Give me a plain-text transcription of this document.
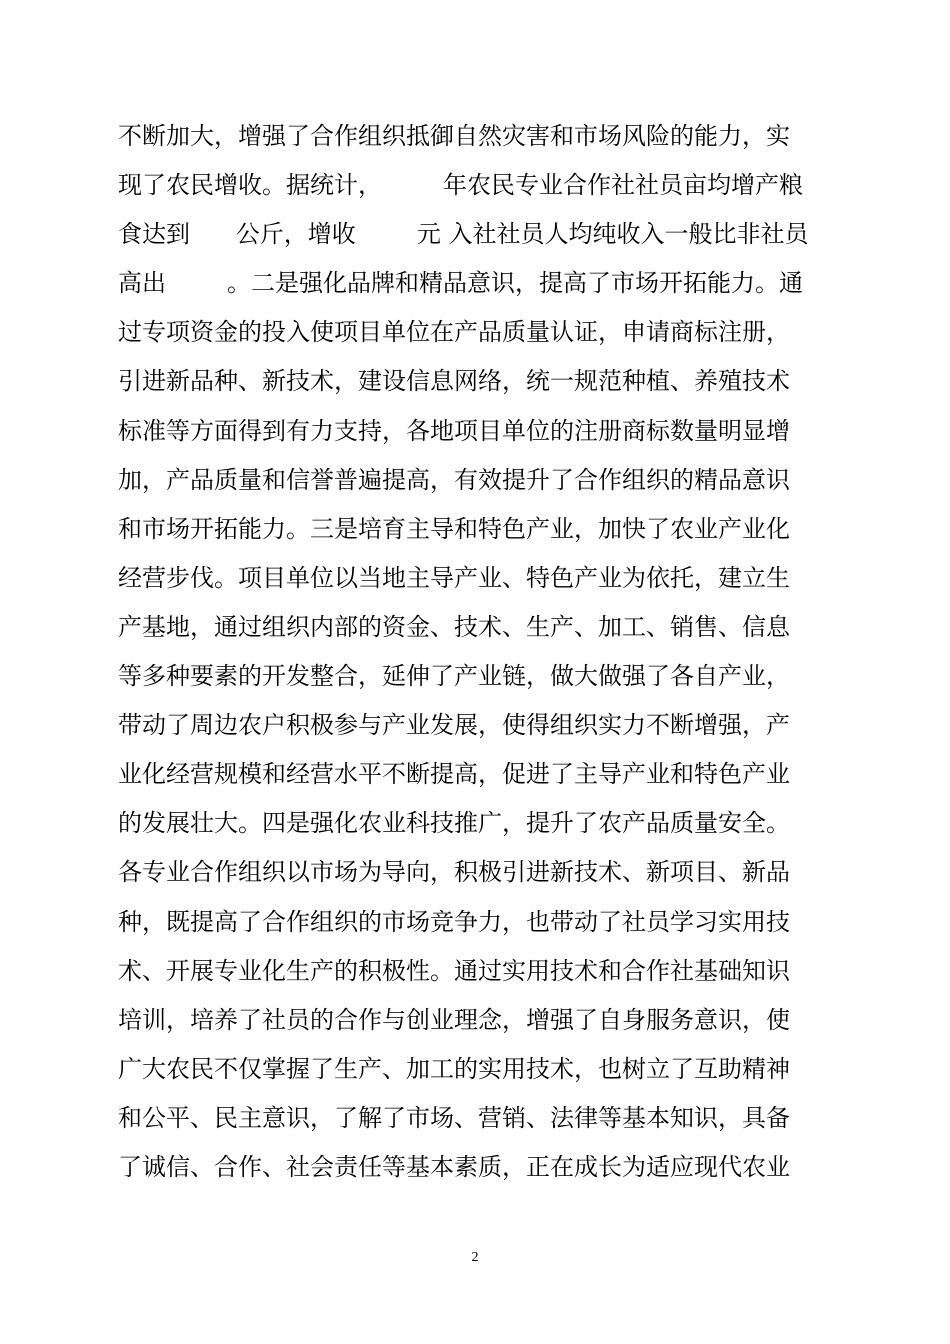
不断加大，增强了合作组织抵御自然灾害和市场风险的能力，实
现了农民增收。据统计，        年农民专业合作社社员亩均增产粮
食达到      公斤，增收        元 入社社员人均纯收入一般比非社员
高出        。二是强化品牌和精品意识，提高了市场开拓能力。通
过专项资金的投入使项目单位在产品质量认证，申请商标注册，
引进新品种、新技术，建设信息网络，统一规范种植、养殖技术
标准等方面得到有力支持，各地项目单位的注册商标数量明显增
加，产品质量和信誉普遍提高，有效提升了合作组织的精品意识
和市场开拓能力。三是培育主导和特色产业，加快了农业产业化
经营步伐。项目单位以当地主导产业、特色产业为依托，建立生
产基地，通过组织内部的资金、技术、生产、加工、销售、信息
等多种要素的开发整合，延伸了产业链，做大做强了各自产业，
带动了周边农户积极参与产业发展，使得组织实力不断增强，产
业化经营规模和经营水平不断提高，促进了主导产业和特色产业
的发展壮大。四是强化农业科技推广，提升了农产品质量安全。
各专业合作组织以市场为导向，积极引进新技术、新项目、新品
种，既提高了合作组织的市场竞争力，也带动了社员学习实用技
术、开展专业化生产的积极性。通过实用技术和合作社基础知识
培训，培养了社员的合作与创业理念，增强了自身服务意识，使
广大农民不仅掌握了生产、加工的实用技术，也树立了互助精神
和公平、民主意识，了解了市场、营销、法律等基本知识，具备
了诚信、合作、社会责任等基本素质，正在成长为适应现代农业
2
